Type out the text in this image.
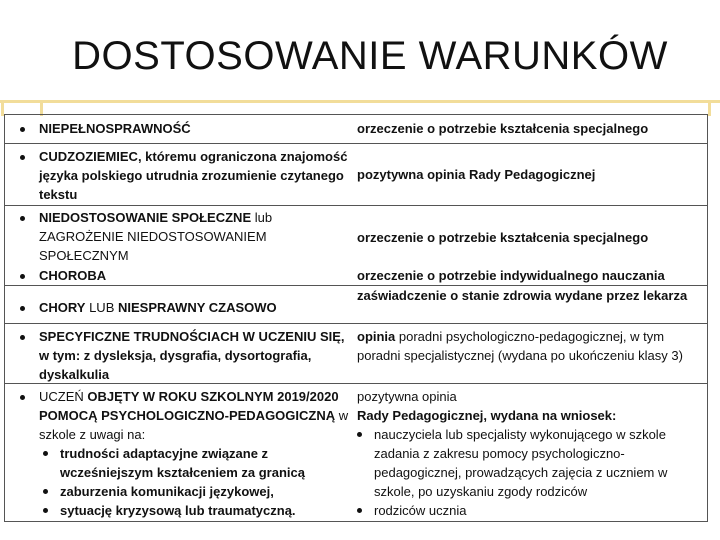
DOSTOSOWANIE WARUNKÓW
NIEPEŁNOSPRAWNOŚĆ	orzeczenie o potrzebie kształcenia specjalnego
CUDZOZIEMIEC, któremu ograniczona znajomość języka polskiego utrudnia zrozumienie czytanego tekstu
pozytywna opinia Rady Pedagogicznej
NIEDOSTOSOWANIE SPOŁECZNE lub ZAGROŻENIE NIEDOSTOSOWANIEM SPOŁECZNYM
orzeczenie o potrzebie kształcenia specjalnego
CHOROBA	orzeczenie o potrzebie indywidualnego nauczania
CHORY LUB NIESPRAWNY CZASOWO
zaświadczenie o stanie zdrowia wydane przez lekarza
SPECYFICZNE TRUDNOŚCIACH W UCZENIU SIĘ, w tym: z dysleksja, dysgrafia, dysortografia, dyskalkulia
opinia poradni psychologiczno-pedagogicznej, w tym poradni specjalistycznej (wydana po ukończeniu klasy 3)
UCZEŃ OBJĘTY W ROKU SZKOLNYM 2019/2020 POMOCĄ PSYCHOLOGICZNO-PEDAGOGICZNĄ w szkole z uwagi na:
trudności adaptacyjne związane z wcześniejszym kształceniem za granicą
zaburzenia komunikacji językowej,
sytuację kryzysową lub traumatyczną.
pozytywna opinia
Rady Pedagogicznej, wydana na wniosek:
nauczyciela lub specjalisty wykonującego w szkole zadania z zakresu pomocy psychologiczno-pedagogicznej, prowadzących zajęcia z uczniem w szkole, po uzyskaniu zgody rodziców
rodziców ucznia
